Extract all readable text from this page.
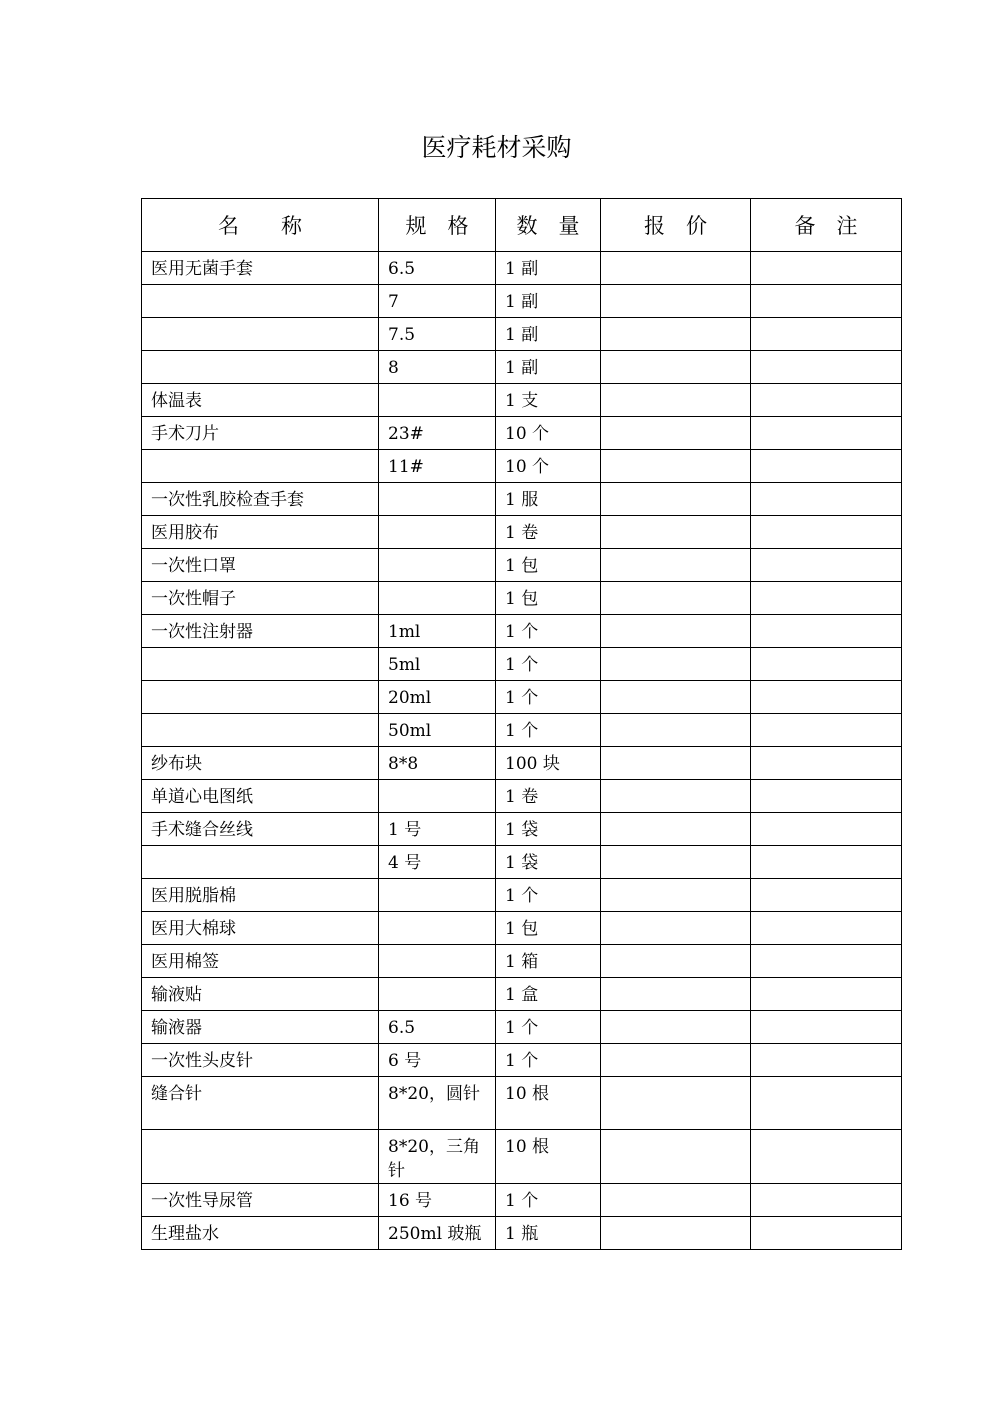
医疗耗材采购
名　　称	规　格	数　量	报　价	备　注
医用无菌手套	6.5	1 副		
	7	1 副		
	7.5	1 副		
	8	1 副		
体温表		1 支		
手术刀片	23#	10 个		
	11#	10 个		
一次性乳胶检查手套		1 服		
医用胶布		1 卷		
一次性口罩		1 包		
一次性帽子		1 包		
一次性注射器	1ml	1 个		
	5ml	1 个		
	20ml	1 个		
	50ml	1 个		
纱布块	8*8	100 块		
单道心电图纸		1 卷		
手术缝合丝线	1 号	1 袋		
	4 号	1 袋		
医用脱脂棉		1 个		
医用大棉球		1 包		
医用棉签		1 箱		
输液贴		1 盒		
输液器	6.5	1 个		
一次性头皮针	6 号	1 个		
缝合针	8*20，圆针	10 根		
	8*20，三角针	10 根		
一次性导尿管	16 号	1 个		
生理盐水	250ml 玻瓶	1 瓶		
